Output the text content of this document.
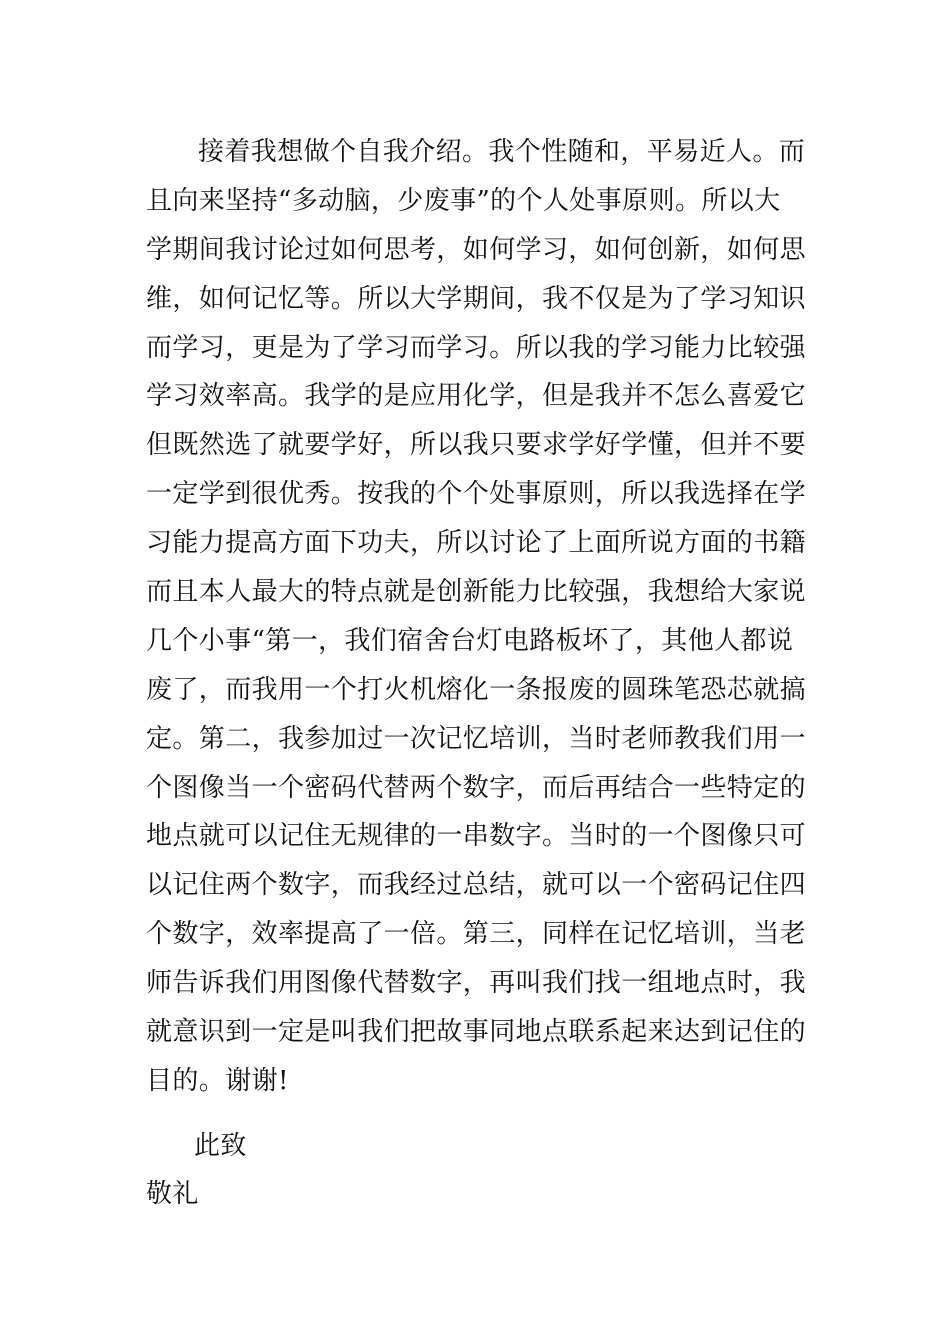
接着我想做个自我介绍。我个性随和，平易近人。而
且向来坚持“多动脑，少废事”的个人处事原则。所以大
学期间我讨论过如何思考，如何学习，如何创新，如何思
维，如何记忆等。所以大学期间，我不仅是为了学习知识
而学习，更是为了学习而学习。所以我的学习能力比较强
学习效率高。我学的是应用化学，但是我并不怎么喜爱它
但既然选了就要学好，所以我只要求学好学懂，但并不要
一定学到很优秀。按我的个个处事原则，所以我选择在学
习能力提高方面下功夫，所以讨论了上面所说方面的书籍
而且本人最大的特点就是创新能力比较强，我想给大家说
几个小事“第一，我们宿舍台灯电路板坏了，其他人都说
废了，而我用一个打火机熔化一条报废的圆珠笔恐芯就搞
定。第二，我参加过一次记忆培训，当时老师教我们用一
个图像当一个密码代替两个数字，而后再结合一些特定的
地点就可以记住无规律的一串数字。当时的一个图像只可
以记住两个数字，而我经过总结，就可以一个密码记住四
个数字，效率提高了一倍。第三，同样在记忆培训，当老
师告诉我们用图像代替数字，再叫我们找一组地点时，我
就意识到一定是叫我们把故事同地点联系起来达到记住的
目的。谢谢!
此致
敬礼
